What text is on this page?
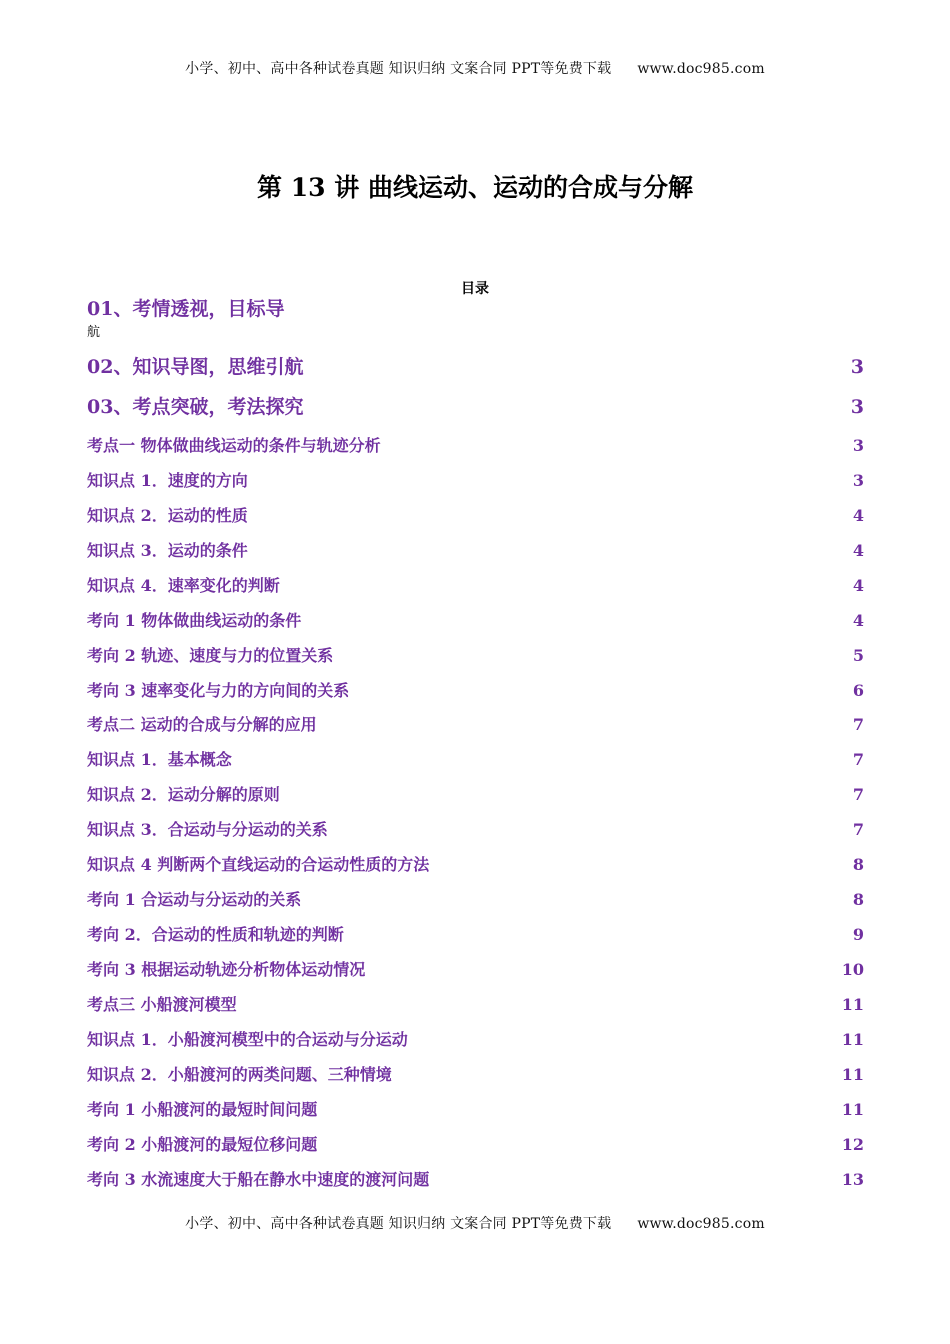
小学、初中、高中各种试卷真题 知识归纳 文案合同 PPT等免费下载 www.doc985.com
第 13 讲 曲线运动、运动的合成与分解
目录
01、考情透视，目标导
航
02、知识导图，思维引航	3
03、考点突破，考法探究	3
考点一 物体做曲线运动的条件与轨迹分析	3
知识点 1．速度的方向	3
知识点 2．运动的性质	4
知识点 3．运动的条件	4
知识点 4．速率变化的判断	4
考向 1 物体做曲线运动的条件	4
考向 2 轨迹、速度与力的位置关系	5
考向 3 速率变化与力的方向间的关系	6
考点二 运动的合成与分解的应用	7
知识点 1．基本概念	7
知识点 2．运动分解的原则	7
知识点 3．合运动与分运动的关系	7
知识点 4 判断两个直线运动的合运动性质的方法	8
考向 1 合运动与分运动的关系	8
考向 2．合运动的性质和轨迹的判断	9
考向 3 根据运动轨迹分析物体运动情况	10
考点三 小船渡河模型	11
知识点 1．小船渡河模型中的合运动与分运动	11
知识点 2．小船渡河的两类问题、三种情境	11
考向 1 小船渡河的最短时间问题	11
考向 2 小船渡河的最短位移问题	12
考向 3 水流速度大于船在静水中速度的渡河问题	13
小学、初中、高中各种试卷真题 知识归纳 文案合同 PPT等免费下载 www.doc985.com
